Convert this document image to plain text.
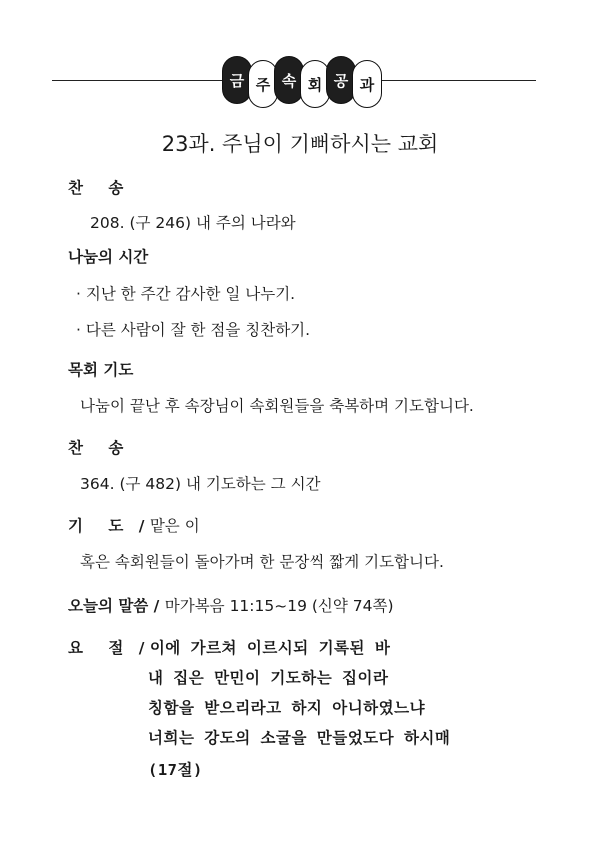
금 주 속 회 공 과
23과. 주님이 기뻐하시는 교회
찬 송
208. (구 246) 내 주의 나라와
나눔의 시간
· 지난 한 주간 감사한 일 나누기.
· 다른 사람이 잘 한 점을 칭찬하기.
목회 기도
나눔이 끝난 후 속장님이 속회원들을 축복하며 기도합니다.
찬 송
364. (구 482) 내 기도하는 그 시간
기 도 / 맡은 이
혹은 속회원들이 돌아가며 한 문장씩 짧게 기도합니다.
오늘의 말씀 / 마가복음 11:15~19 (신약 74쪽)
요 절 / 이에 가르쳐 이르시되 기록된 바
내 집은 만민이 기도하는 집이라
칭함을 받으리라고 하지 아니하였느냐
너희는 강도의 소굴을 만들었도다 하시매
(17절)
